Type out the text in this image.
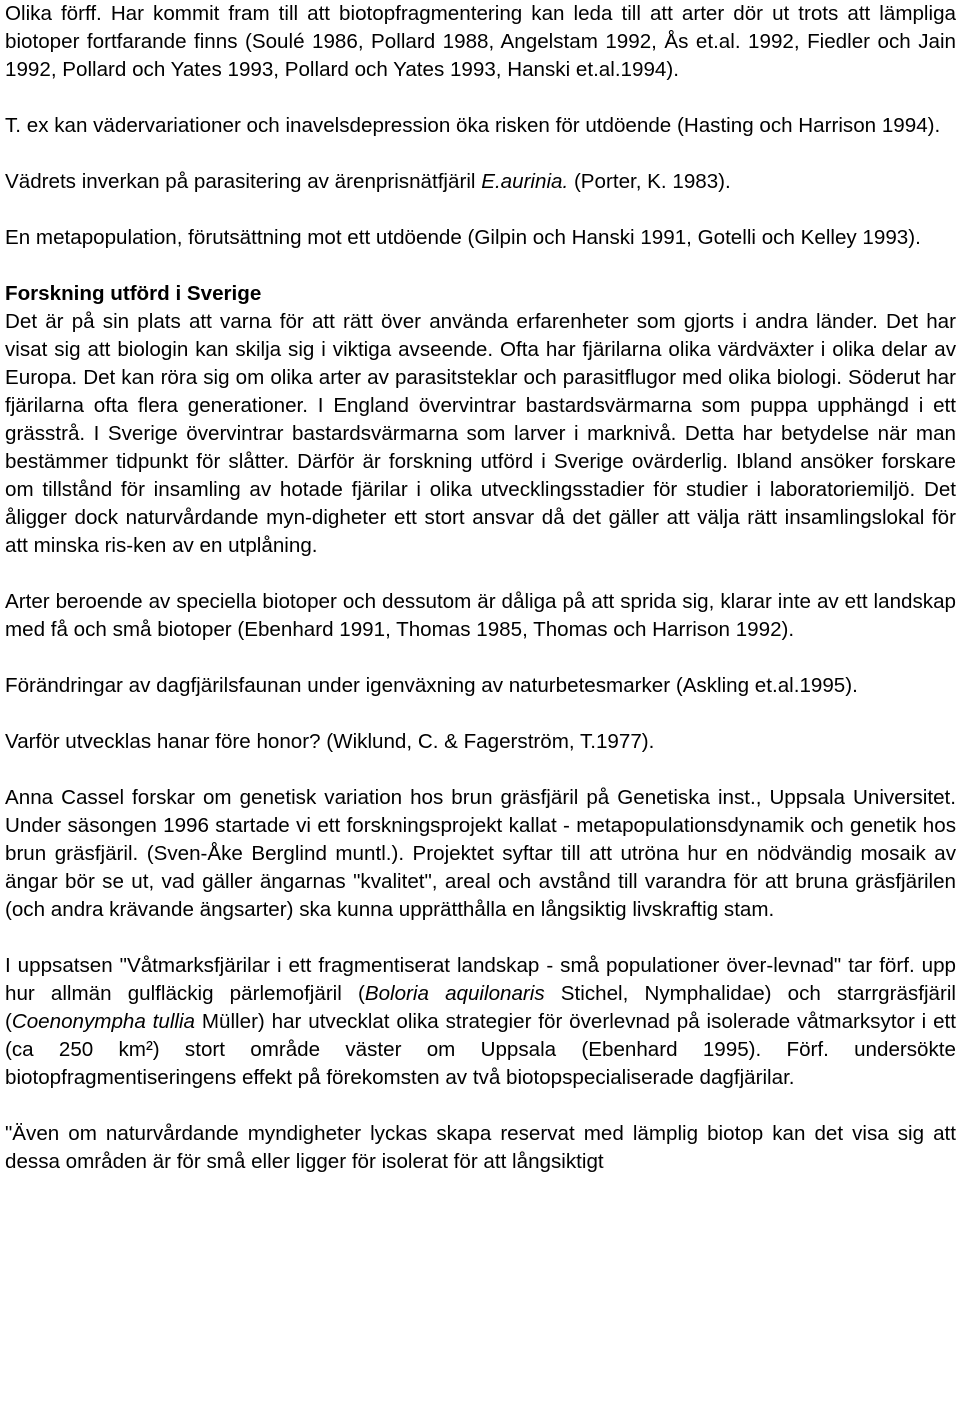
Olika förff. Har kommit fram till att biotopfragmentering kan leda till att arter dör ut trots att lämpliga biotoper fortfarande finns (Soulé 1986, Pollard 1988, Angelstam 1992, Ås et.al. 1992, Fiedler och Jain 1992, Pollard och Yates 1993, Pollard och Yates 1993, Hanski et.al.1994).

T. ex kan vädervariationer och inavelsdepression öka risken för utdöende (Hasting och Harrison 1994).

Vädrets inverkan på parasitering av ärenprisnätfjäril E.aurinia. (Porter, K. 1983).

En metapopulation, förutsättning mot ett utdöende (Gilpin och Hanski 1991, Gotelli och Kelley 1993).

Forskning utförd i Sverige
Det är på sin plats att varna för att rätt över använda erfarenheter som gjorts i andra länder. Det har visat sig att biologin kan skilja sig i viktiga avseende. Ofta har fjärilarna olika värdväxter i olika delar av Europa. Det kan röra sig om olika arter av parasitsteklar och parasitflugor med olika biologi. Söderut har fjärilarna ofta flera generationer. I England övervintrar bastardsvärmarna som puppa upphängd i ett grässtrå. I Sverige övervintrar bastardsvärmarna som larver i marknivå. Detta har betydelse när man bestämmer tidpunkt för slåtter. Därför är forskning utförd i Sverige ovärderlig. Ibland ansöker forskare om tillstånd för insamling av hotade fjärilar i olika utvecklingsstadier för studier i laboratoriemiljö. Det åligger dock naturvårdande myn-digheter ett stort ansvar då det gäller att välja rätt insamlingslokal för att minska ris-ken av en utplåning.

Arter beroende av speciella biotoper och dessutom är dåliga på att sprida sig, klarar inte av ett landskap med få och små biotoper (Ebenhard 1991, Thomas 1985, Thomas och Harrison 1992).

Förändringar av dagfjärilsfaunan under igenväxning av naturbetesmarker (Askling et.al.1995).

Varför utvecklas hanar före honor? (Wiklund, C. & Fagerström, T.1977).

Anna Cassel forskar om genetisk variation hos brun gräsfjäril på Genetiska inst., Uppsala Universitet. Under säsongen 1996 startade vi ett forskningsprojekt kallat - metapopulationsdynamik och genetik hos brun gräsfjäril. (Sven-Åke Berglind muntl.). Projektet syftar till att utröna hur en nödvändig mosaik av ängar bör se ut, vad gäller ängarnas "kvalitet", areal och avstånd till varandra för att bruna gräsfjärilen (och andra krävande ängsarter) ska kunna upprätthålla en långsiktig livskraftig stam.

I uppsatsen "Våtmarksfjärilar i ett fragmentiserat landskap - små populationer över-levnad" tar förf. upp hur allmän gulfläckig pärlemofjäril (Boloria aquilonaris Stichel, Nymphalidae) och starrgräsfjäril (Coenonympha tullia Müller) har utvecklat olika strategier för överlevnad på isolerade våtmarksytor i ett (ca 250 km²) stort område väster om Uppsala (Ebenhard 1995). Förf. undersökte biotopfragmentiseringens effekt på förekomsten av två biotopspecialiserade dagfjärilar.

"Även om naturvårdande myndigheter lyckas skapa reservat med lämplig biotop kan det visa sig att dessa områden är för små eller ligger för isolerat för att långsiktigt
